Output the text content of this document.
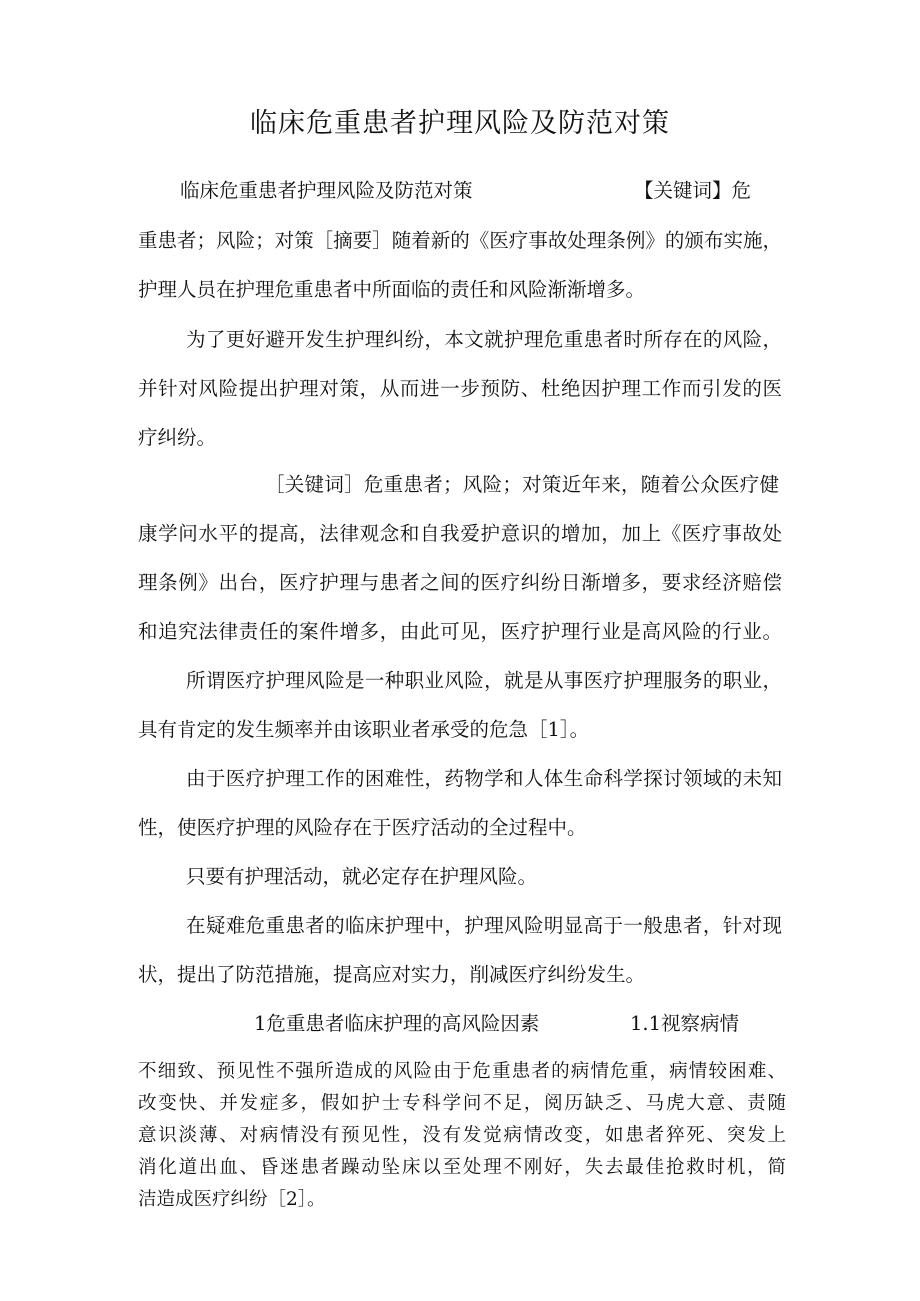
临床危重患者护理风险及防范对策
临床危重患者护理风险及防范对策	【关键词】危
重患者；风险；对策［摘要］随着新的《医疗事故处理条例》的颁布实施，
护理人员在护理危重患者中所面临的责任和风险渐渐增多。
为了更好避开发生护理纠纷，本文就护理危重患者时所存在的风险，
并针对风险提出护理对策，从而进一步预防、杜绝因护理工作而引发的医
疗纠纷。
［关键词］危重患者；风险；对策近年来，随着公众医疗健
康学问水平的提高，法律观念和自我爱护意识的增加，加上《医疗事故处
理条例》出台，医疗护理与患者之间的医疗纠纷日渐增多，要求经济赔偿
和追究法律责任的案件增多，由此可见，医疗护理行业是高风险的行业。
所谓医疗护理风险是一种职业风险，就是从事医疗护理服务的职业，
具有肯定的发生频率并由该职业者承受的危急［1］。
由于医疗护理工作的困难性，药物学和人体生命科学探讨领域的未知
性，使医疗护理的风险存在于医疗活动的全过程中。
只要有护理活动，就必定存在护理风险。
在疑难危重患者的临床护理中，护理风险明显高于一般患者，针对现
状，提出了防范措施，提高应对实力，削减医疗纠纷发生。
1危重患者临床护理的高风险因素	1.1视察病情
不细致、预见性不强所造成的风险由于危重患者的病情危重，病情较困难、
改变快、并发症多，假如护士专科学问不足，阅历缺乏、马虎大意、责随
意识淡薄、对病情没有预见性，没有发觉病情改变，如患者猝死、突发上
消化道出血、昏迷患者躁动坠床以至处理不刚好，失去最佳抢救时机，简
洁造成医疗纠纷［2］。
